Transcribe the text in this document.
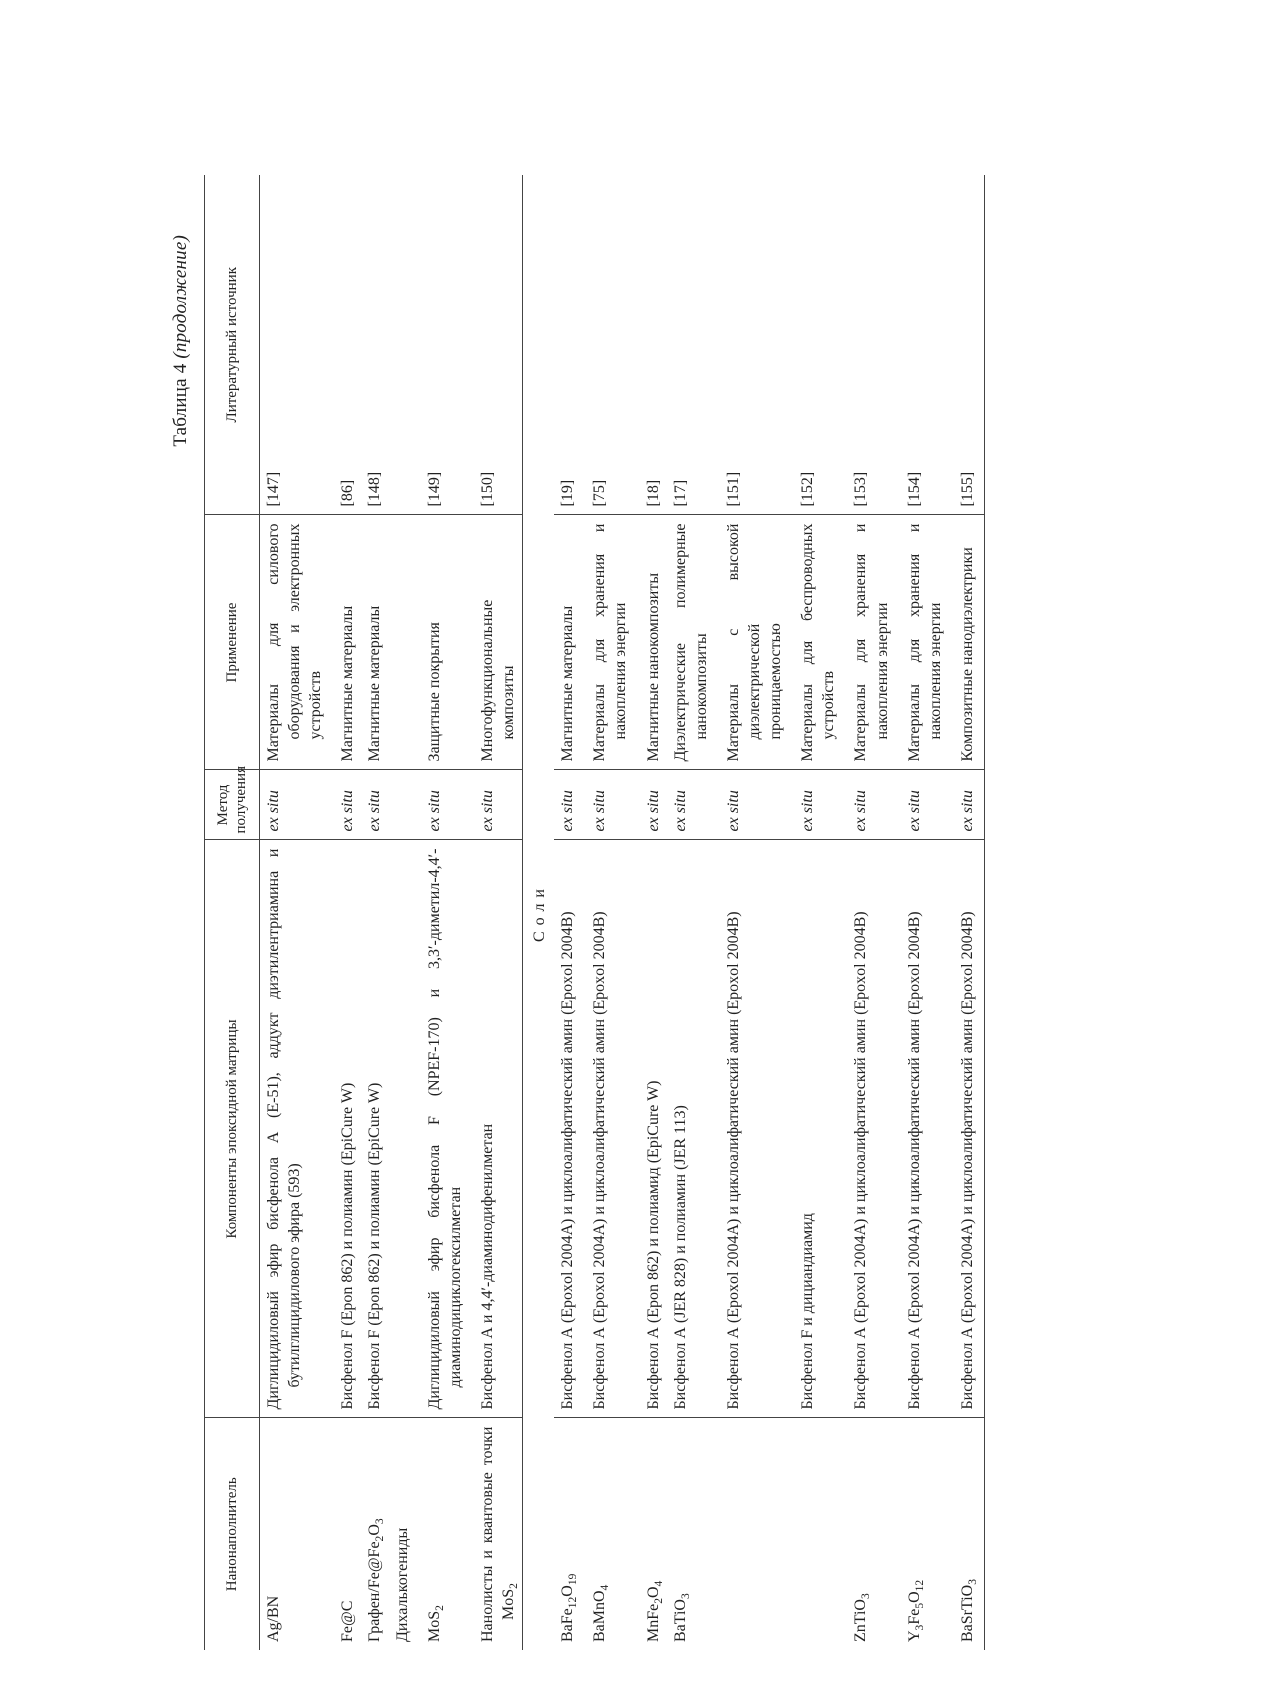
Таблица 4 (продолжение)
Нанонаполнитель	Компоненты эпоксидной матрицы	Метод получения	Применение	Литературный источник
Ag/BN	Диглицидиловый эфир бисфенола А (E-51), аддукт диэтилентриамина и бутилглицидилового эфира (593)	ex situ	Материалы для силового оборудования и электронных устройств	[147]
Fe@C	Бисфенол F (Epon 862) и полиамин (EpiCure W)	ex situ	Магнитные материалы	[86]
Графен/$Fe@Fe_2O_3$	Бисфенол F (Epon 862) и полиамин (EpiCure W)	ex situ	Магнитные материалы	[148]
Дихалькогениды				
MoS$_2$	Диглицидиловый эфир бисфенола F (NPEF-170) и 3,3′-диметил-4,4′-диаминодициклогексилметан	ex situ	Защитные покрытия	[149]
Нанолисты и квантовые точки MoS$_2$	Бисфенол А и 4,4′-диаминодифенилметан	ex situ	Многофункциональные композиты	[150]
Соли				
$BaFe_{12}O_{19}$	Бисфенол А (Epoxol 2004A) и циклоалифатический амин (Epoxol 2004B)	ex situ	Магнитные материалы	[19]
BaMnO$_4$	Бисфенол А (Epoxol 2004A) и циклоалифатический амин (Epoxol 2004B)	ex situ	Материалы для хранения и накопления энергии	[75]
$MnFe_2O_4$	Бисфенол А (Epon 862) и полиамид (EpiCure W)	ex situ	Магнитные нанокомпозиты	[18]
BaTiO$_3$	Бисфенол А (JER 828) и полиамин (JER 113)	ex situ	Диэлектрические полимерные нанокомпозиты	[17]
	Бисфенол А (Epoxol 2004A) и циклоалифатический амин (Epoxol 2004B)	ex situ	Материалы с высокой диэлектрической проницаемостью	[151]
	Бисфенол F и дициандиамид	ex situ	Материалы для беспроводных устройств	[152]
ZnTiO$_3$	Бисфенол А (Epoxol 2004A) и циклоалифатический амин (Epoxol 2004B)	ex situ	Материалы для хранения и накопления энергии	[153]
$Y_3Fe_5O_{12}$	Бисфенол А (Epoxol 2004A) и циклоалифатический амин (Epoxol 2004B)	ex situ	Материалы для хранения и накопления энергии	[154]
BaSrTiO$_3$	Бисфенол А (Epoxol 2004A) и циклоалифатический амин (Epoxol 2004B)	ex situ	Композитные нанодиэлектрики	[155]
